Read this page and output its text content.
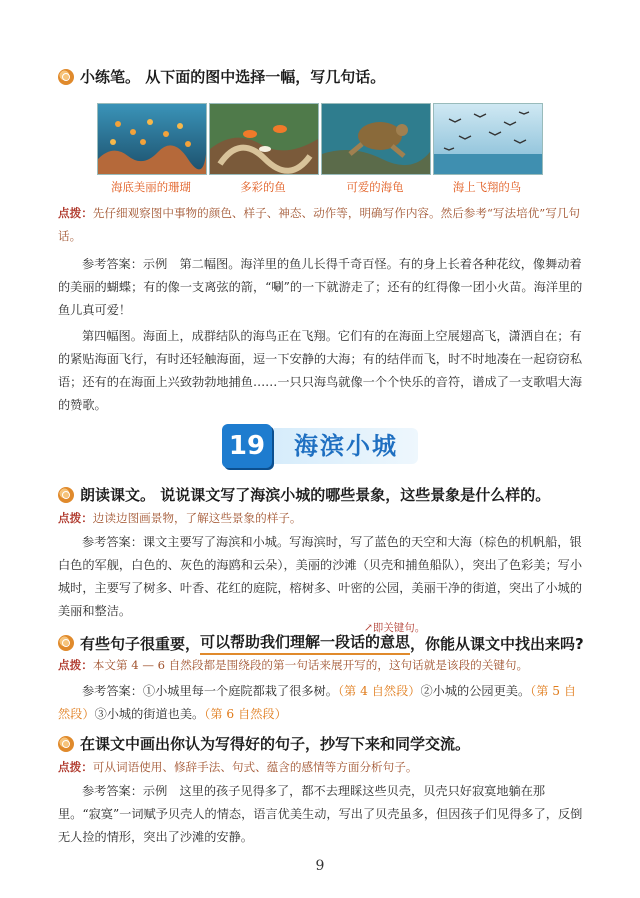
小练笔。 从下面的图中选择一幅，写几句话。
海底美丽的珊瑚	多彩的鱼	可爱的海龟	海上飞翔的鸟
点拨：先仔细观察图中事物的颜色、样子、神态、动作等，明确写作内容。然后参考“写法培优”写几句话。
参考答案：示例　第二幅图。海洋里的鱼儿长得千奇百怪。有的身上长着各种花纹，像舞动着的美丽的蝴蝶；有的像一支离弦的箭，“唰”的一下就游走了；还有的红得像一团小火苗。海洋里的鱼儿真可爱！
第四幅图。海面上，成群结队的海鸟正在飞翔。它们有的在海面上空展翅高飞，潇洒自在；有的紧贴海面飞行，有时还轻触海面，逗一下安静的大海；有的结伴而飞，时不时地凑在一起窃窃私语；还有的在海面上兴致勃勃地捕鱼……一只只海鸟就像一个个快乐的音符，谱成了一支歌唱大海的赞歌。
19	海滨小城
朗读课文。 说说课文写了海滨小城的哪些景象，这些景象是什么样的。
点拨：边读边图画景物，了解这些景象的样子。
参考答案：课文主要写了海滨和小城。写海滨时，写了蓝色的天空和大海（棕色的机帆船，银白色的军舰，白色的、灰色的海鸥和云朵），美丽的沙滩（贝壳和捕鱼船队），突出了色彩美；写小城时，主要写了树多、叶香、花红的庭院，榕树多、叶密的公园，美丽干净的街道，突出了小城的美丽和整洁。
↗即关键句。
有些句子很重要， 可以帮助我们理解一段话的意思 ，你能从课文中找出来吗?
点拨：本文第 4 — 6 自然段都是围绕段的第一句话来展开写的，这句话就是该段的关键句。
参考答案：①小城里每一个庭院都栽了很多树。（第 4 自然段）②小城的公园更美。（第 5 自然段）③小城的街道也美。（第 6 自然段）
在课文中画出你认为写得好的句子，抄写下来和同学交流。
点拨：可从词语使用、修辞手法、句式、蕴含的感情等方面分析句子。
参考答案：示例　这里的孩子见得多了，都不去理睬这些贝壳，贝壳只好寂寞地躺在那里。“寂寞”一词赋予贝壳人的情态，语言优美生动，写出了贝壳虽多，但因孩子们见得多了，反倒无人捡的情形，突出了沙滩的安静。
9
